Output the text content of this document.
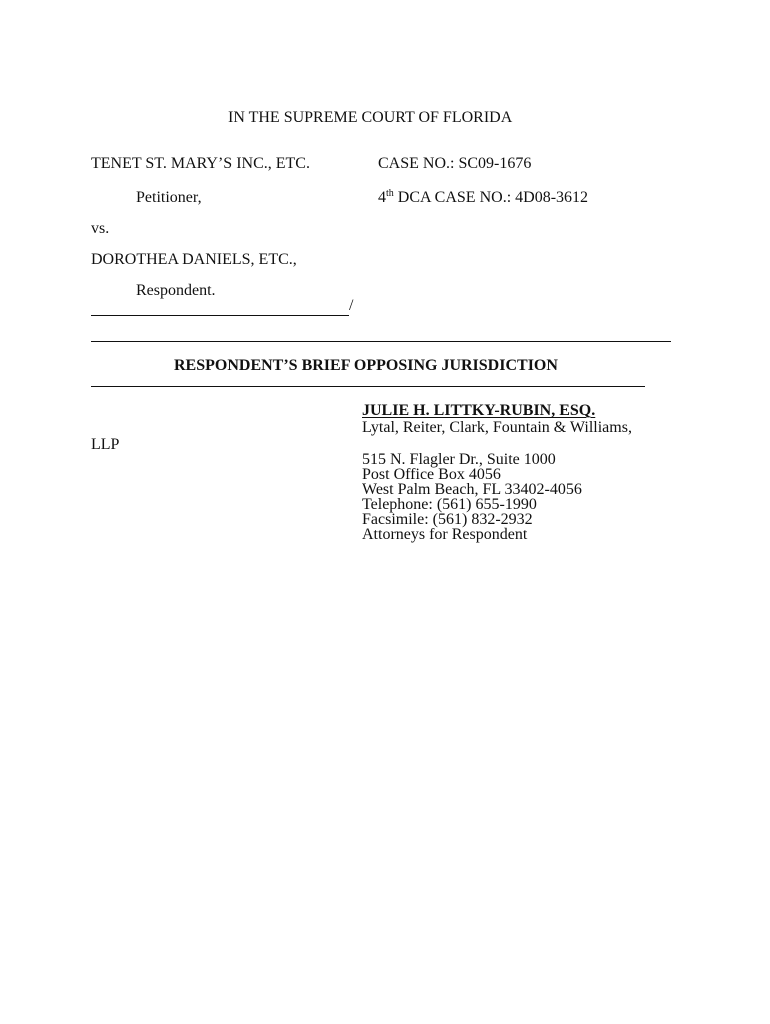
IN THE SUPREME COURT OF FLORIDA
TENET ST. MARY’S INC., ETC.	CASE NO.: SC09-1676
Petitioner,	4th DCA CASE NO.: 4D08-3612
vs.
DOROTHEA DANIELS, ETC.,
Respondent.
/
RESPONDENT’S BRIEF OPPOSING JURISDICTION
JULIE H. LITTKY-RUBIN, ESQ.
Lytal, Reiter, Clark, Fountain & Williams,
LLP
515 N. Flagler Dr., Suite 1000
Post Office Box 4056
West Palm Beach, FL 33402-4056
Telephone: (561) 655-1990
Facsimile: (561) 832-2932
Attorneys for Respondent
